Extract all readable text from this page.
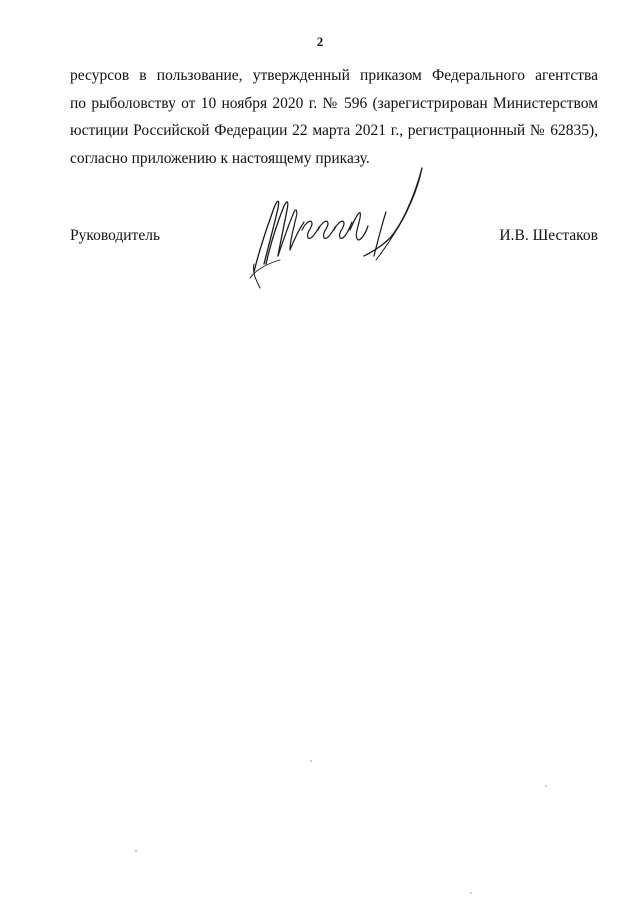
2
ресурсов в пользование, утвержденный приказом Федерального агентства
по рыболовству от 10 ноября 2020 г. № 596 (зарегистрирован Министерством
юстиции Российской Федерации 22 марта 2021 г., регистрационный № 62835),
согласно приложению к настоящему приказу.
Руководитель	И.В. Шестаков
